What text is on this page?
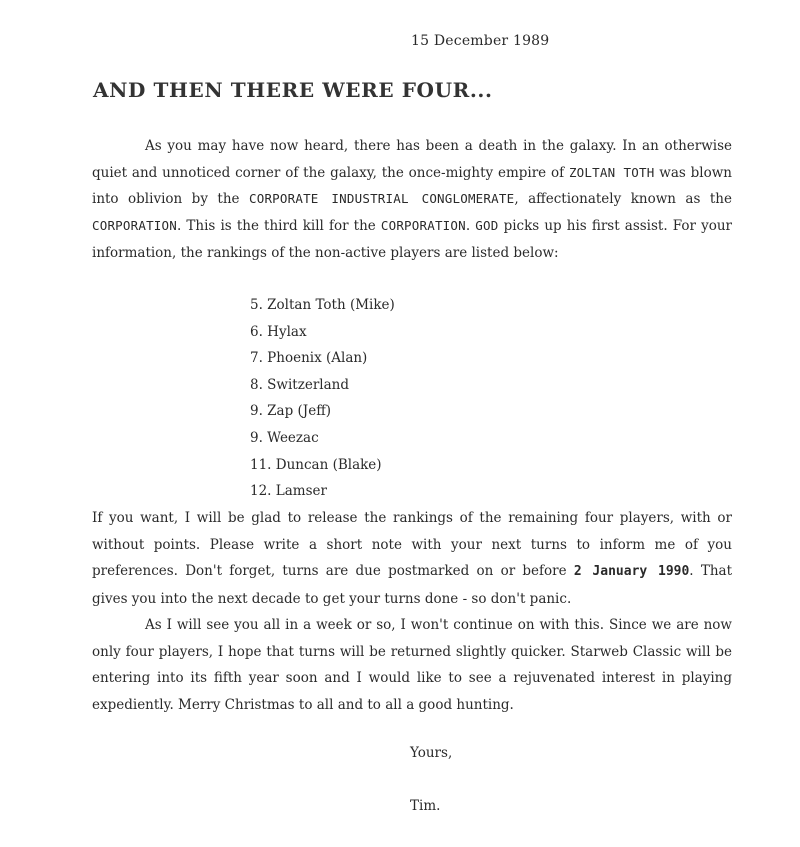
15 December 1989
AND THEN THERE WERE FOUR...

As you may have now heard, there has been a death in the galaxy. In an otherwise quiet and unnoticed corner of the galaxy, the once-mighty empire of ZOLTAN TOTH was blown into oblivion by the CORPORATE INDUSTRIAL CONGLOMERATE, affectionately known as the CORPORATION. This is the third kill for the CORPORATION. GOD picks up his first assist. For your information, the rankings of the non-active players are listed below:

5. Zoltan Toth (Mike)
6. Hylax
7. Phoenix (Alan)
8. Switzerland
9. Zap (Jeff)
9. Weezac
11. Duncan (Blake)
12. Lamser

If you want, I will be glad to release the rankings of the remaining four players, with or without points. Please write a short note with your next turns to inform me of you preferences. Don't forget, turns are due postmarked on or before 2 January 1990. That gives you into the next decade to get your turns done - so don't panic.

As I will see you all in a week or so, I won't continue on with this. Since we are now only four players, I hope that turns will be returned slightly quicker. Starweb Classic will be entering into its fifth year soon and I would like to see a rejuvenated interest in playing expediently. Merry Christmas to all and to all a good hunting.

Yours,
Tim.
